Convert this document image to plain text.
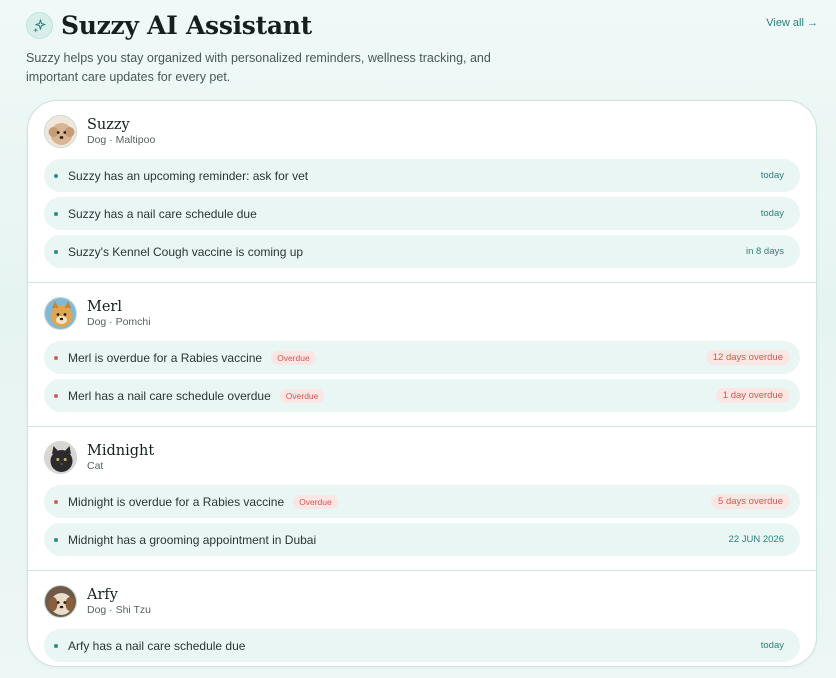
Suzzy AI Assistant	View all →

Suzzy helps you stay organized with personalized reminders, wellness tracking, and important care updates for every pet.

Suzzy
Dog · Maltipoo
Suzzy has an upcoming reminder: ask for vet	today
Suzzy has a nail care schedule due	today
Suzzy's Kennel Cough vaccine is coming up	in 8 days
Merl
Dog · Pomchi
Merl is overdue for a Rabies vaccine	Overdue	12 days overdue
Merl has a nail care schedule overdue	Overdue	1 day overdue
Midnight
Cat
Midnight is overdue for a Rabies vaccine	Overdue	5 days overdue
Midnight has a grooming appointment in Dubai	22 JUN 2026
Arfy
Dog · Shi Tzu
Arfy has a nail care schedule due	today
